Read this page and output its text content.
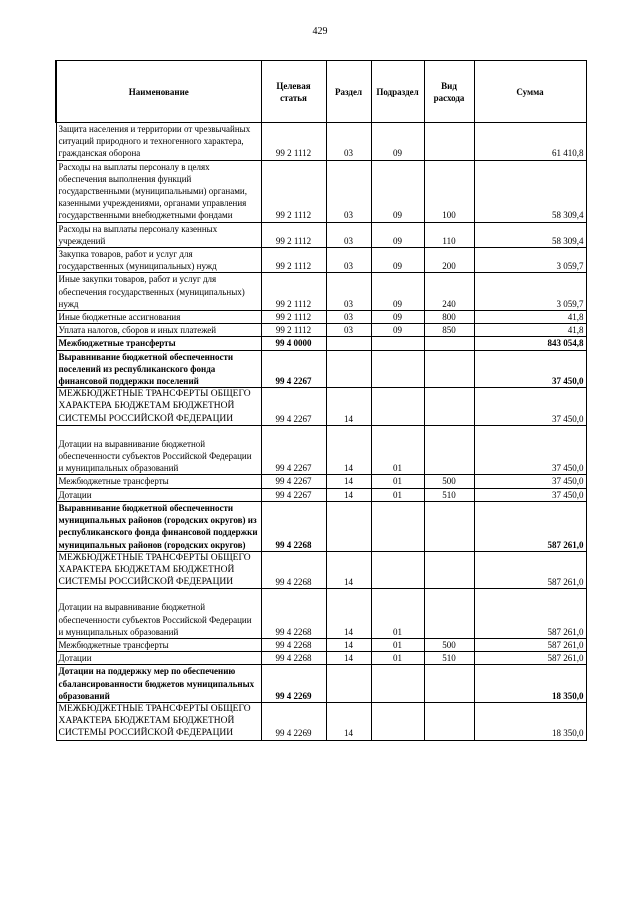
429
Наименование	Целевая статья	Раздел	Подраздел	Вид расхода	Сумма
Защита населения и территории от чрезвычайных ситуаций природного и техногенного характера, гражданская оборона	99 2 1112	03	09		61 410,8
Расходы на выплаты персоналу в целях обеспечения выполнения функций государственными (муниципальными) органами, казенными учреждениями, органами управления государственными внебюджетными фондами	99 2 1112	03	09	100	58 309,4
Расходы на выплаты персоналу казенных учреждений	99 2 1112	03	09	110	58 309,4
Закупка товаров, работ и услуг для государственных (муниципальных) нужд	99 2 1112	03	09	200	3 059,7
Иные закупки товаров, работ и услуг для обеспечения государственных (муниципальных) нужд	99 2 1112	03	09	240	3 059,7
Иные бюджетные ассигнования	99 2 1112	03	09	800	41,8
Уплата налогов, сборов и иных платежей	99 2 1112	03	09	850	41,8
Межбюджетные трансферты	99 4 0000				843 054,8
Выравнивание бюджетной обеспеченности поселений из республиканского фонда финансовой поддержки поселений	99 4 2267				37 450,0
МЕЖБЮДЖЕТНЫЕ ТРАНСФЕРТЫ ОБЩЕГО ХАРАКТЕРА БЮДЖЕТАМ БЮДЖЕТНОЙ СИСТЕМЫ РОССИЙСКОЙ ФЕДЕРАЦИИ	99 4 2267	14			37 450,0
Дотации на выравнивание бюджетной обеспеченности субъектов Российской Федерации и муниципальных образований	99 4 2267	14	01		37 450,0
Межбюджетные трансферты	99 4 2267	14	01	500	37 450,0
Дотации	99 4 2267	14	01	510	37 450,0
Выравнивание бюджетной обеспеченности муниципальных районов (городских округов) из республиканского фонда финансовой поддержки муниципальных районов (городских округов)	99 4 2268				587 261,0
МЕЖБЮДЖЕТНЫЕ ТРАНСФЕРТЫ ОБЩЕГО ХАРАКТЕРА БЮДЖЕТАМ БЮДЖЕТНОЙ СИСТЕМЫ РОССИЙСКОЙ ФЕДЕРАЦИИ	99 4 2268	14			587 261,0
Дотации на выравнивание бюджетной обеспеченности субъектов Российской Федерации и муниципальных образований	99 4 2268	14	01		587 261,0
Межбюджетные трансферты	99 4 2268	14	01	500	587 261,0
Дотации	99 4 2268	14	01	510	587 261,0
Дотации на поддержку мер по обеспечению сбалансированности бюджетов муниципальных образований	99 4 2269				18 350,0
МЕЖБЮДЖЕТНЫЕ ТРАНСФЕРТЫ ОБЩЕГО ХАРАКТЕРА БЮДЖЕТАМ БЮДЖЕТНОЙ СИСТЕМЫ РОССИЙСКОЙ ФЕДЕРАЦИИ	99 4 2269	14			18 350,0
